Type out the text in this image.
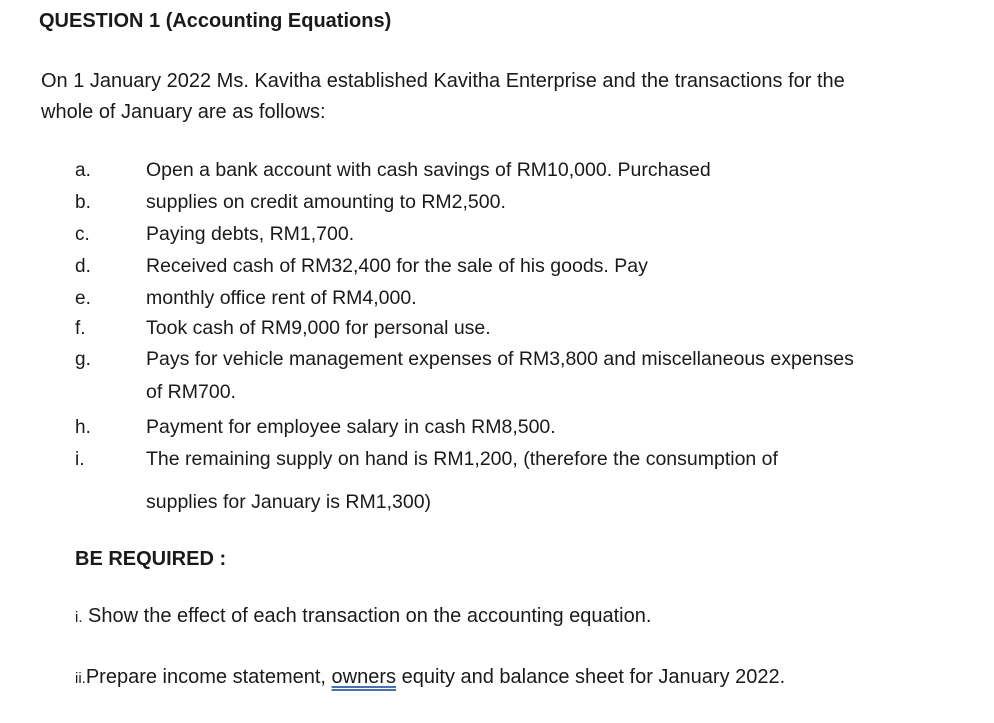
QUESTION 1 (Accounting Equations)
On 1 January 2022 Ms. Kavitha established Kavitha Enterprise and the transactions for the
whole of January are as follows:
a.
b.
c.
d.
e.
f.
g.
h.
i.
Open a bank account with cash savings of RM10,000. Purchased
supplies on credit amounting to RM2,500.
Paying debts, RM1,700.
Received cash of RM32,400 for the sale of his goods. Pay
monthly office rent of RM4,000.
Took cash of RM9,000 for personal use.
Pays for vehicle management expenses of RM3,800 and miscellaneous expenses
of RM700.
Payment for employee salary in cash RM8,500.
The remaining supply on hand is RM1,200, (therefore the consumption of
supplies for January is RM1,300)
BE REQUIRED :
i. Show the effect of each transaction on the accounting equation.
ii.Prepare income statement, owners equity and balance sheet for January 2022.
